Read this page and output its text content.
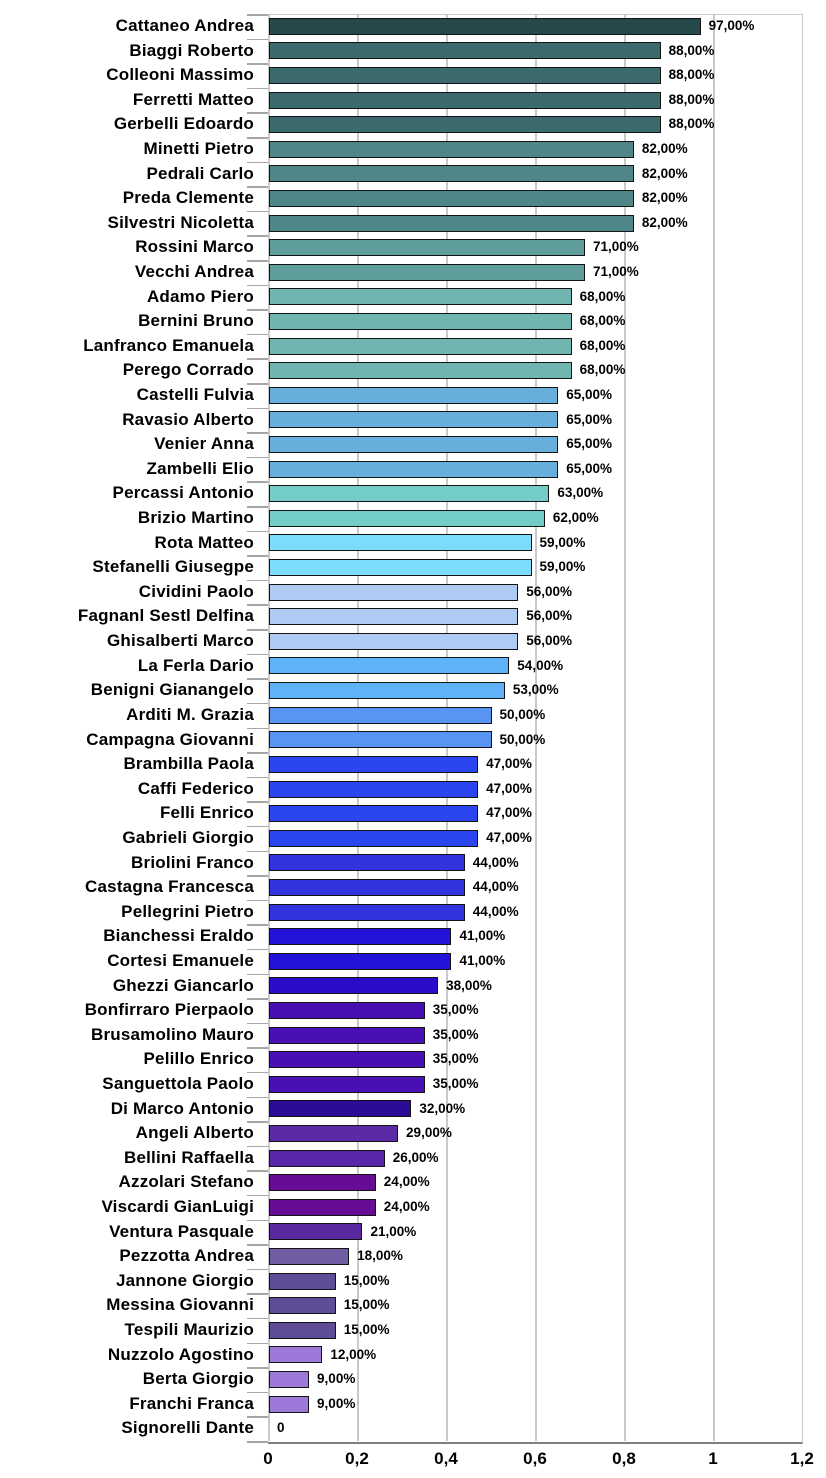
Cattaneo Andrea	97,00%
Biaggi Roberto	88,00%
Colleoni Massimo	88,00%
Ferretti Matteo	88,00%
Gerbelli Edoardo	88,00%
Minetti Pietro	82,00%
Pedrali Carlo	82,00%
Preda Clemente	82,00%
Silvestri Nicoletta	82,00%
Rossini Marco	71,00%
Vecchi Andrea	71,00%
Adamo Piero	68,00%
Bernini Bruno	68,00%
Lanfranco Emanuela	68,00%
Perego Corrado	68,00%
Castelli Fulvia	65,00%
Ravasio Alberto	65,00%
Venier Anna	65,00%
Zambelli Elio	65,00%
Percassi Antonio	63,00%
Brizio Martino	62,00%
Rota Matteo	59,00%
Stefanelli Giusegpe	59,00%
Cividini Paolo	56,00%
Fagnanl Sestl Delfina	56,00%
Ghisalberti Marco	56,00%
La Ferla Dario	54,00%
Benigni Gianangelo	53,00%
Arditi M. Grazia	50,00%
Campagna Giovanni	50,00%
Brambilla Paola	47,00%
Caffi Federico	47,00%
Felli Enrico	47,00%
Gabrieli Giorgio	47,00%
Briolini Franco	44,00%
Castagna Francesca	44,00%
Pellegrini Pietro	44,00%
Bianchessi Eraldo	41,00%
Cortesi Emanuele	41,00%
Ghezzi Giancarlo	38,00%
Bonfirraro Pierpaolo	35,00%
Brusamolino Mauro	35,00%
Pelillo Enrico	35,00%
Sanguettola Paolo	35,00%
Di Marco Antonio	32,00%
Angeli Alberto	29,00%
Bellini Raffaella	26,00%
Azzolari Stefano	24,00%
Viscardi GianLuigi	24,00%
Ventura Pasquale	21,00%
Pezzotta Andrea	18,00%
Jannone Giorgio	15,00%
Messina Giovanni	15,00%
Tespili Maurizio	15,00%
Nuzzolo Agostino	12,00%
Berta Giorgio	9,00%
Franchi Franca	9,00%
Signorelli Dante 0
0	0,2	0,4	0,6	0,8	1	1,2
